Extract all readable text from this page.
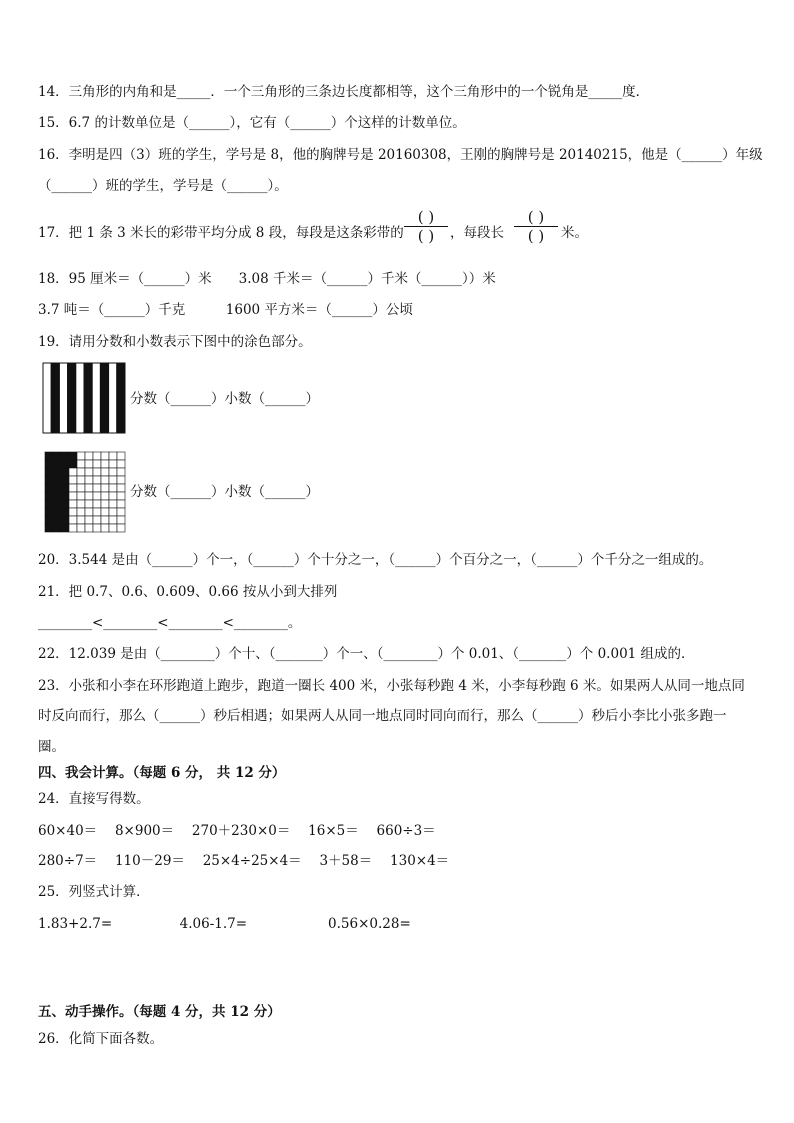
14．三角形的内角和是_____．一个三角形的三条边长度都相等，这个三角形中的一个锐角是_____度．
15．6.7 的计数单位是（______），它有（______）个这样的计数单位。
16．李明是四（3）班的学生，学号是 8，他的胸牌号是 20160308，王刚的胸牌号是 20140215，他是（______）年级
（______）班的学生，学号是（______）。
17．把 1 条 3 米长的彩带平均分成 8 段，每段是这条彩带的
( )
( ) ，每段长
( )
( ) 米。
18．95 厘米＝（______）米　　3.08 千米＝（______）千米（______））米
3.7 吨＝（______）千克　　　1600 平方米＝（______）公顷
19．请用分数和小数表示下图中的涂色部分。
分数（______）小数（______）
分数（______）小数（______）
20．3.544 是由（______）个一，（______）个十分之一，（______）个百分之一，（______）个千分之一组成的。
21．把 0.7、0.6、0.609、0.66 按从小到大排列
________<________<________<________。
22．12.039 是由（________）个十、（_______）个一、（________）个 0.01、（_______）个 0.001 组成的．
23．小张和小李在环形跑道上跑步，跑道一圈长 400 米，小张每秒跑 4 米，小李每秒跑 6 米。如果两人从同一地点同
时反向而行，那么（______）秒后相遇；如果两人从同一地点同时同向而行，那么（______）秒后小李比小张多跑一
圈。
四、我会计算。（每题 6 分， 共 12 分）
24．直接写得数。
60×40＝　 8×900＝　 270＋230×0＝　 16×5＝　 660÷3＝
280÷7＝　 110－29＝　 25×4÷25×4＝　 3＋58＝　 130×4＝
25．列竖式计算．
1.83+2.7=　　　　　4.06-1.7=　　　　　　0.56×0.28=
五、动手操作。（每题 4 分，共 12 分）
26．化简下面各数。
